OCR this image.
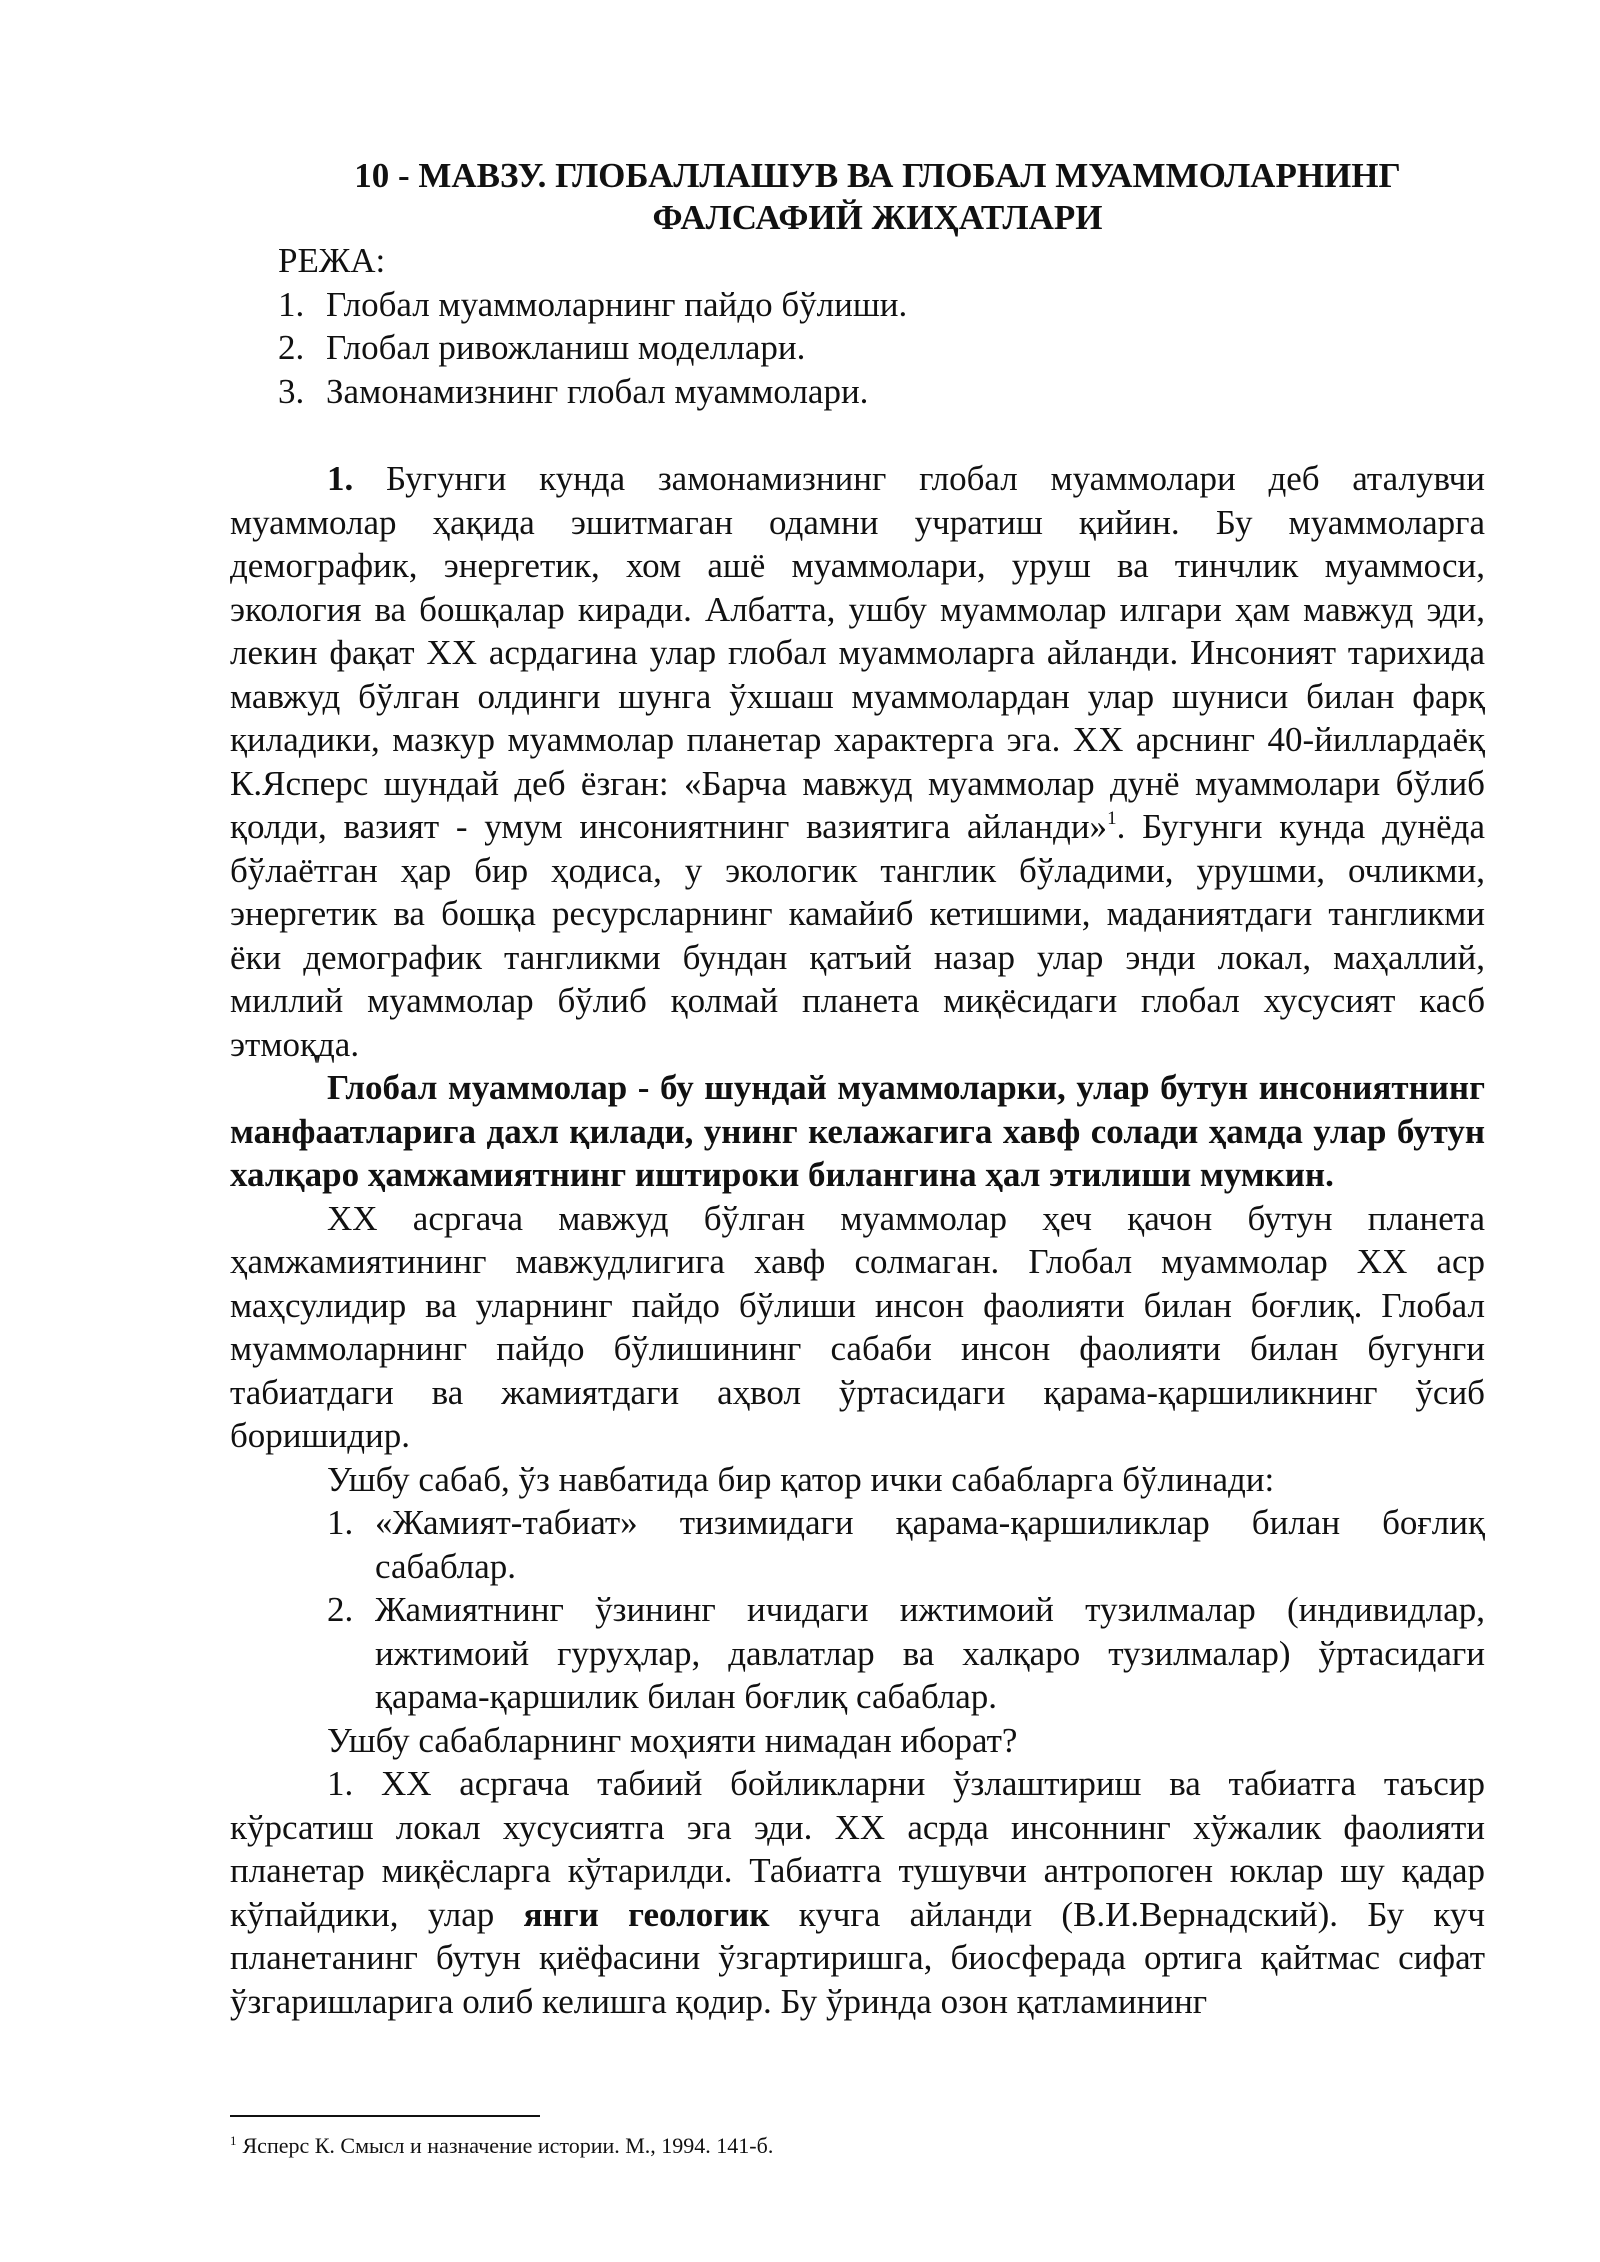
10 - МАВЗУ. ГЛОБАЛЛАШУВ ВА ГЛОБАЛ МУАММОЛАРНИНГ
ФАЛСАФИЙ ЖИҲАТЛАРИ
РЕЖА:
1. Глобал муаммоларнинг пайдо бўлиши.
2. Глобал ривожланиш моделлари.
3. Замонамизнинг глобал муаммолари.

1. Бугунги кунда замонамизнинг глобал муаммолари деб аталувчи муаммолар ҳақида эшитмаган одамни учратиш қийин. Бу муаммоларга демографик, энергетик, хом ашё муаммолари, уруш ва тинчлик муаммоси, экология ва бошқалар киради. Албатта, ушбу муаммолар илгари ҳам мавжуд эди, лекин фақат XX асрдагина улар глобал муаммоларга айланди. Инсоният тарихида мавжуд бўлган олдинги шунга ўхшаш муаммолардан улар шуниси билан фарқ қиладики, мазкур муаммолар планетар характерга эга. XX арснинг 40-йиллардаёқ К.Ясперс шундай деб ёзган: «Барча мавжуд муаммолар дунё муаммолари бўлиб қолди, вазият - умум инсониятнинг вазиятига айланди»$^1$. Бугунги кунда дунёда бўлаётган ҳар бир ҳодиса, у экологик танглик бўладими, урушми, очликми, энергетик ва бошқа ресурсларнинг камайиб кетишими, маданиятдаги тангликми ёки демографик тангликми бундан қатъий назар улар энди локал, маҳаллий, миллий муаммолар бўлиб қолмай планета миқёсидаги глобал хусусият касб этмоқда.

Глобал муаммолар - бу шундай муаммоларки, улар бутун инсониятнинг манфаатларига дахл қилади, унинг келажагига хавф солади ҳамда улар бутун халқаро ҳамжамиятнинг иштироки билангина ҳал этилиши мумкин.

XX асргача мавжуд бўлган муаммолар ҳеч қачон бутун планета ҳамжамиятининг мавжудлигига хавф солмаган. Глобал муаммолар XX аср маҳсулидир ва уларнинг пайдо бўлиши инсон фаолияти билан боғлиқ. Глобал муаммоларнинг пайдо бўлишининг сабаби инсон фаолияти билан бугунги табиатдаги ва жамиятдаги аҳвол ўртасидаги қарама-қаршиликнинг ўсиб боришидир.

Ушбу сабаб, ўз навбатида бир қатор ички сабабларга бўлинади:

1. «Жамият-табиат» тизимидаги қарама-қаршиликлар билан боғлиқ сабаблар.
2. Жамиятнинг ўзининг ичидаги ижтимоий тузилмалар (индивидлар, ижтимоий гуруҳлар, давлатлар ва халқаро тузилмалар) ўртасидаги қарама-қаршилик билан боғлиқ сабаблар.

Ушбу сабабларнинг моҳияти нимадан иборат?

1. XX асргача табиий бойликларни ўзлаштириш ва табиатга таъсир кўрсатиш локал хусусиятга эга эди. XX асрда инсоннинг хўжалик фаолияти планетар миқёсларга кўтарилди. Табиатга тушувчи антропоген юклар шу қадар кўпайдики, улар янги геологик кучга айланди (В.И.Вернадский). Бу куч планетанинг бутун қиёфасини ўзгартиришга, биосферада ортига қайтмас сифат ўзгаришларига олиб келишга қодир. Бу ўринда озон қатламининг

$^1$ Ясперс К. Смысл и назначение истории. М., 1994. 141-б.
